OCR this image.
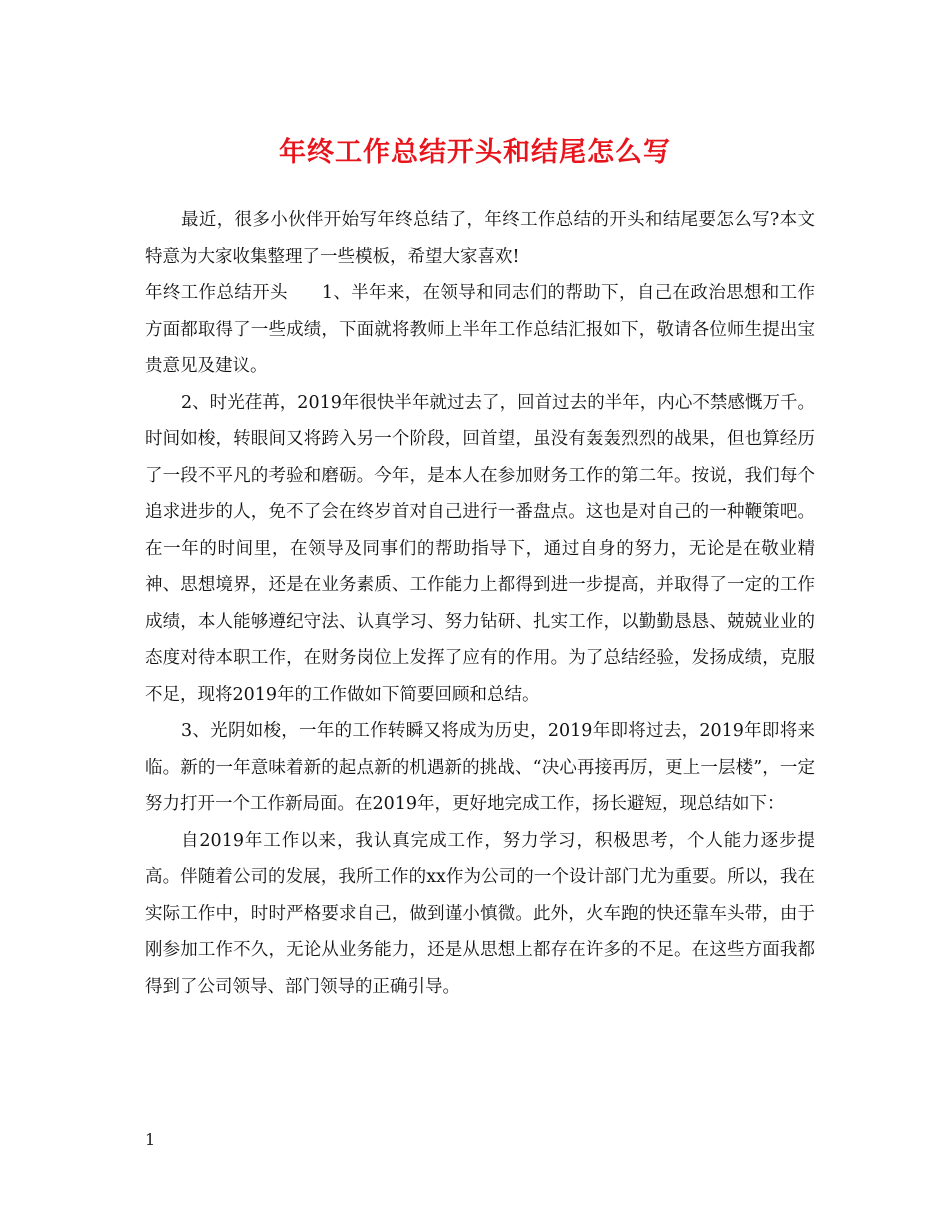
年终工作总结开头和结尾怎么写

最近，很多小伙伴开始写年终总结了，年终工作总结的开头和结尾要怎么写?本文特意为大家收集整理了一些模板，希望大家喜欢!

年终工作总结开头 1、半年来，在领导和同志们的帮助下，自己在政治思想和工作方面都取得了一些成绩，下面就将教师上半年工作总结汇报如下，敬请各位师生提出宝贵意见及建议。

2、时光荏苒，2019年很快半年就过去了，回首过去的半年，内心不禁感慨万千。时间如梭，转眼间又将跨入另一个阶段，回首望，虽没有轰轰烈烈的战果，但也算经历了一段不平凡的考验和磨砺。今年，是本人在参加财务工作的第二年。按说，我们每个追求进步的人，免不了会在终岁首对自己进行一番盘点。这也是对自己的一种鞭策吧。在一年的时间里，在领导及同事们的帮助指导下，通过自身的努力，无论是在敬业精神、思想境界，还是在业务素质、工作能力上都得到进一步提高，并取得了一定的工作成绩，本人能够遵纪守法、认真学习、努力钻研、扎实工作，以勤勤恳恳、兢兢业业的态度对待本职工作，在财务岗位上发挥了应有的作用。为了总结经验，发扬成绩，克服不足，现将2019年的工作做如下简要回顾和总结。

3、光阴如梭，一年的工作转瞬又将成为历史，2019年即将过去，2019年即将来临。新的一年意味着新的起点新的机遇新的挑战、“决心再接再厉，更上一层楼”，一定努力打开一个工作新局面。在2019年，更好地完成工作，扬长避短，现总结如下：

自2019年工作以来，我认真完成工作，努力学习，积极思考，个人能力逐步提高。伴随着公司的发展，我所工作的xx作为公司的一个设计部门尤为重要。所以，我在实际工作中，时时严格要求自己，做到谨小慎微。此外，火车跑的快还靠车头带，由于刚参加工作不久，无论从业务能力，还是从思想上都存在许多的不足。在这些方面我都得到了公司领导、部门领导的正确引导。

1
